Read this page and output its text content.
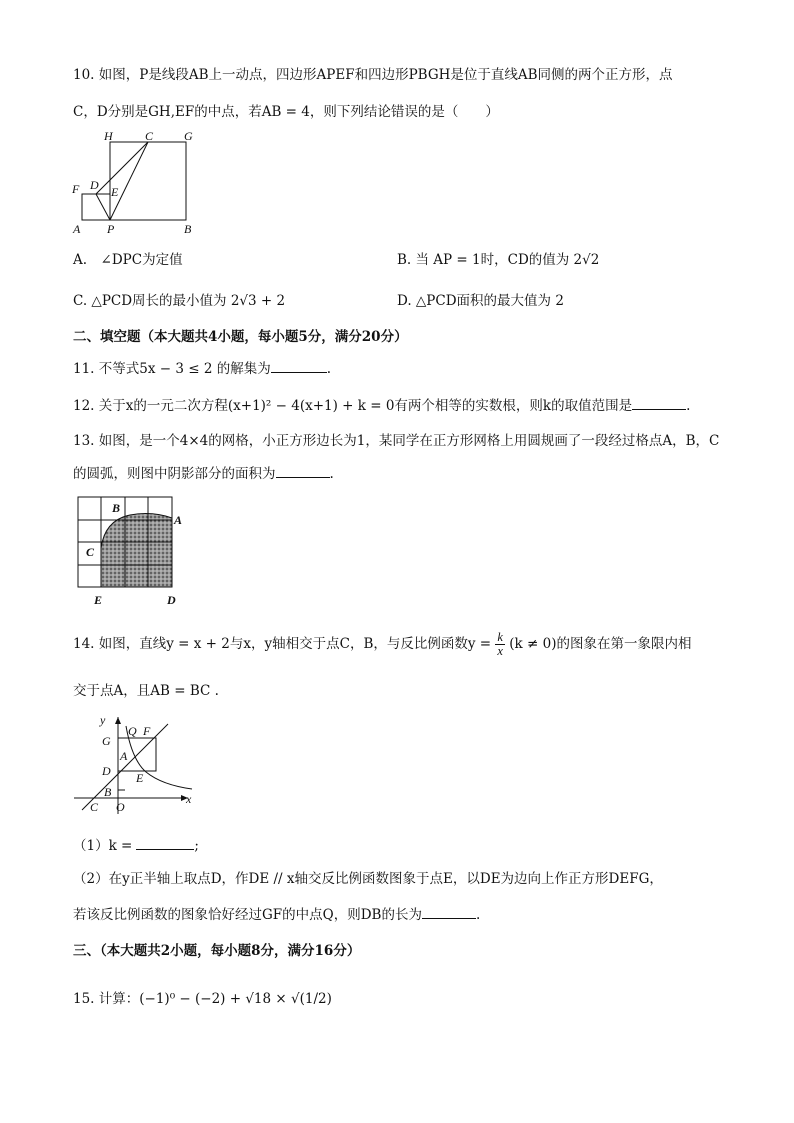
10. 如图，P是线段AB上一动点，四边形APEF和四边形PBGH是位于直线AB同侧的两个正方形，点
C，D分别是GH,EF的中点，若AB = 4，则下列结论错误的是（　　）
H	C	G
F D E
A P	B
A.　∠DPC为定值	B. 当 AP = 1时，CD的值为 2√2
C. △PCD周长的最小值为 2√3 + 2	D. △PCD面积的最大值为 2
二、填空题（本大题共4小题，每小题5分，满分20分）
11. 不等式5x − 3 ≤ 2 的解集为	.
12. 关于x的一元二次方程(x+1)² − 4(x+1) + k = 0有两个相等的实数根，则k的取值范围是	.
13. 如图，是一个4×4的网格，小正方形边长为1，某同学在正方形网格上用圆规画了一段经过格点A，B，C
的圆弧，则图中阴影部分的面积为	.
B
A
C
E	D
14. 如图，直线y = x + 2与x，y轴相交于点C，B，与反比例函数$y = \frac{k}{x} (k \ne 0)$的图象在第一象限内相
交于点A，且AB = BC .
y
Q F
G
A
D E
B
C O
x
（1）k =	;
（2）在y正半轴上取点D，作DE // x轴交反比例函数图象于点E，以DE为边向上作正方形DEFG，
若该反比例函数的图象恰好经过GF的中点Q，则DB的长为	.
三、（本大题共2小题，每小题8分，满分16分）
15. 计算：(−1)⁰ − (−2) + √18 × √(1/2)
